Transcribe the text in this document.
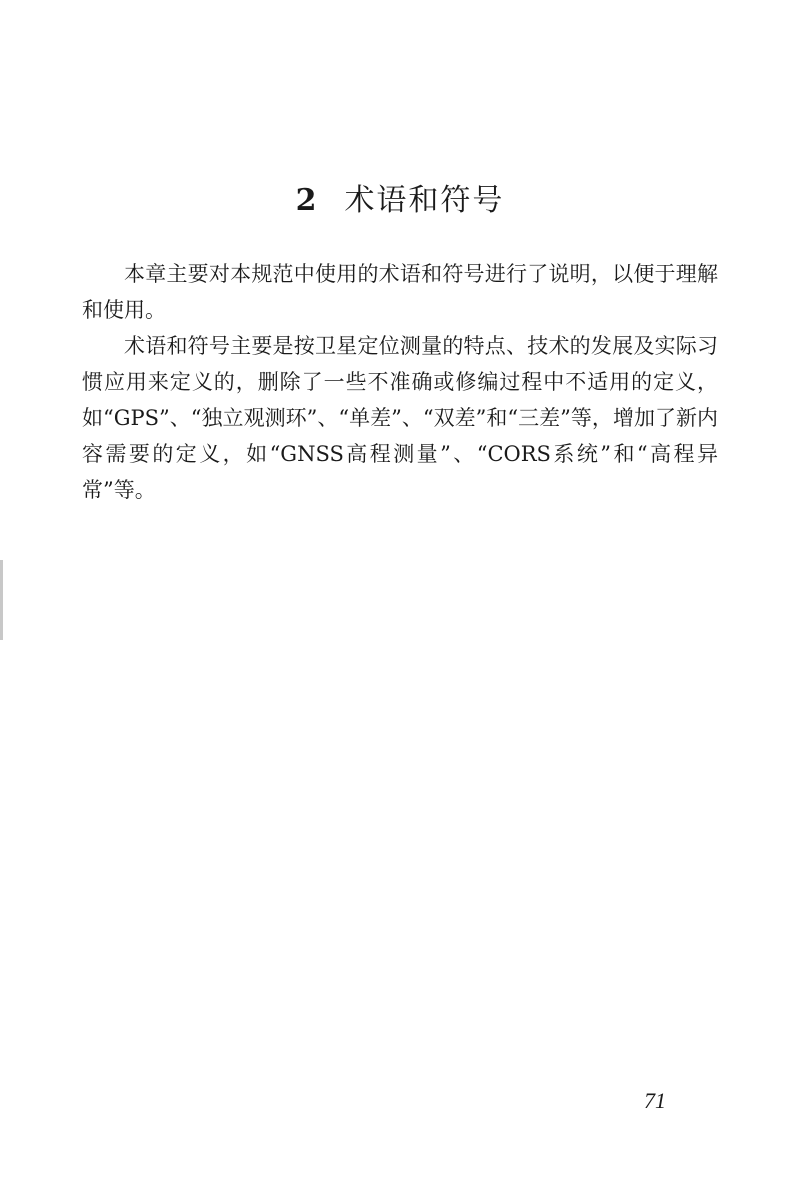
2 术语和符号

本章主要对本规范中使用的术语和符号进行了说明，以便于理解和使用。

术语和符号主要是按卫星定位测量的特点、技术的发展及实际习惯应用来定义的，删除了一些不准确或修编过程中不适用的定义，如“GPS”、“独立观测环”、“单差”、“双差”和“三差”等，增加了新内容需要的定义，如“GNSS高程测量”、“CORS系统”和“高程异常”等。

71
